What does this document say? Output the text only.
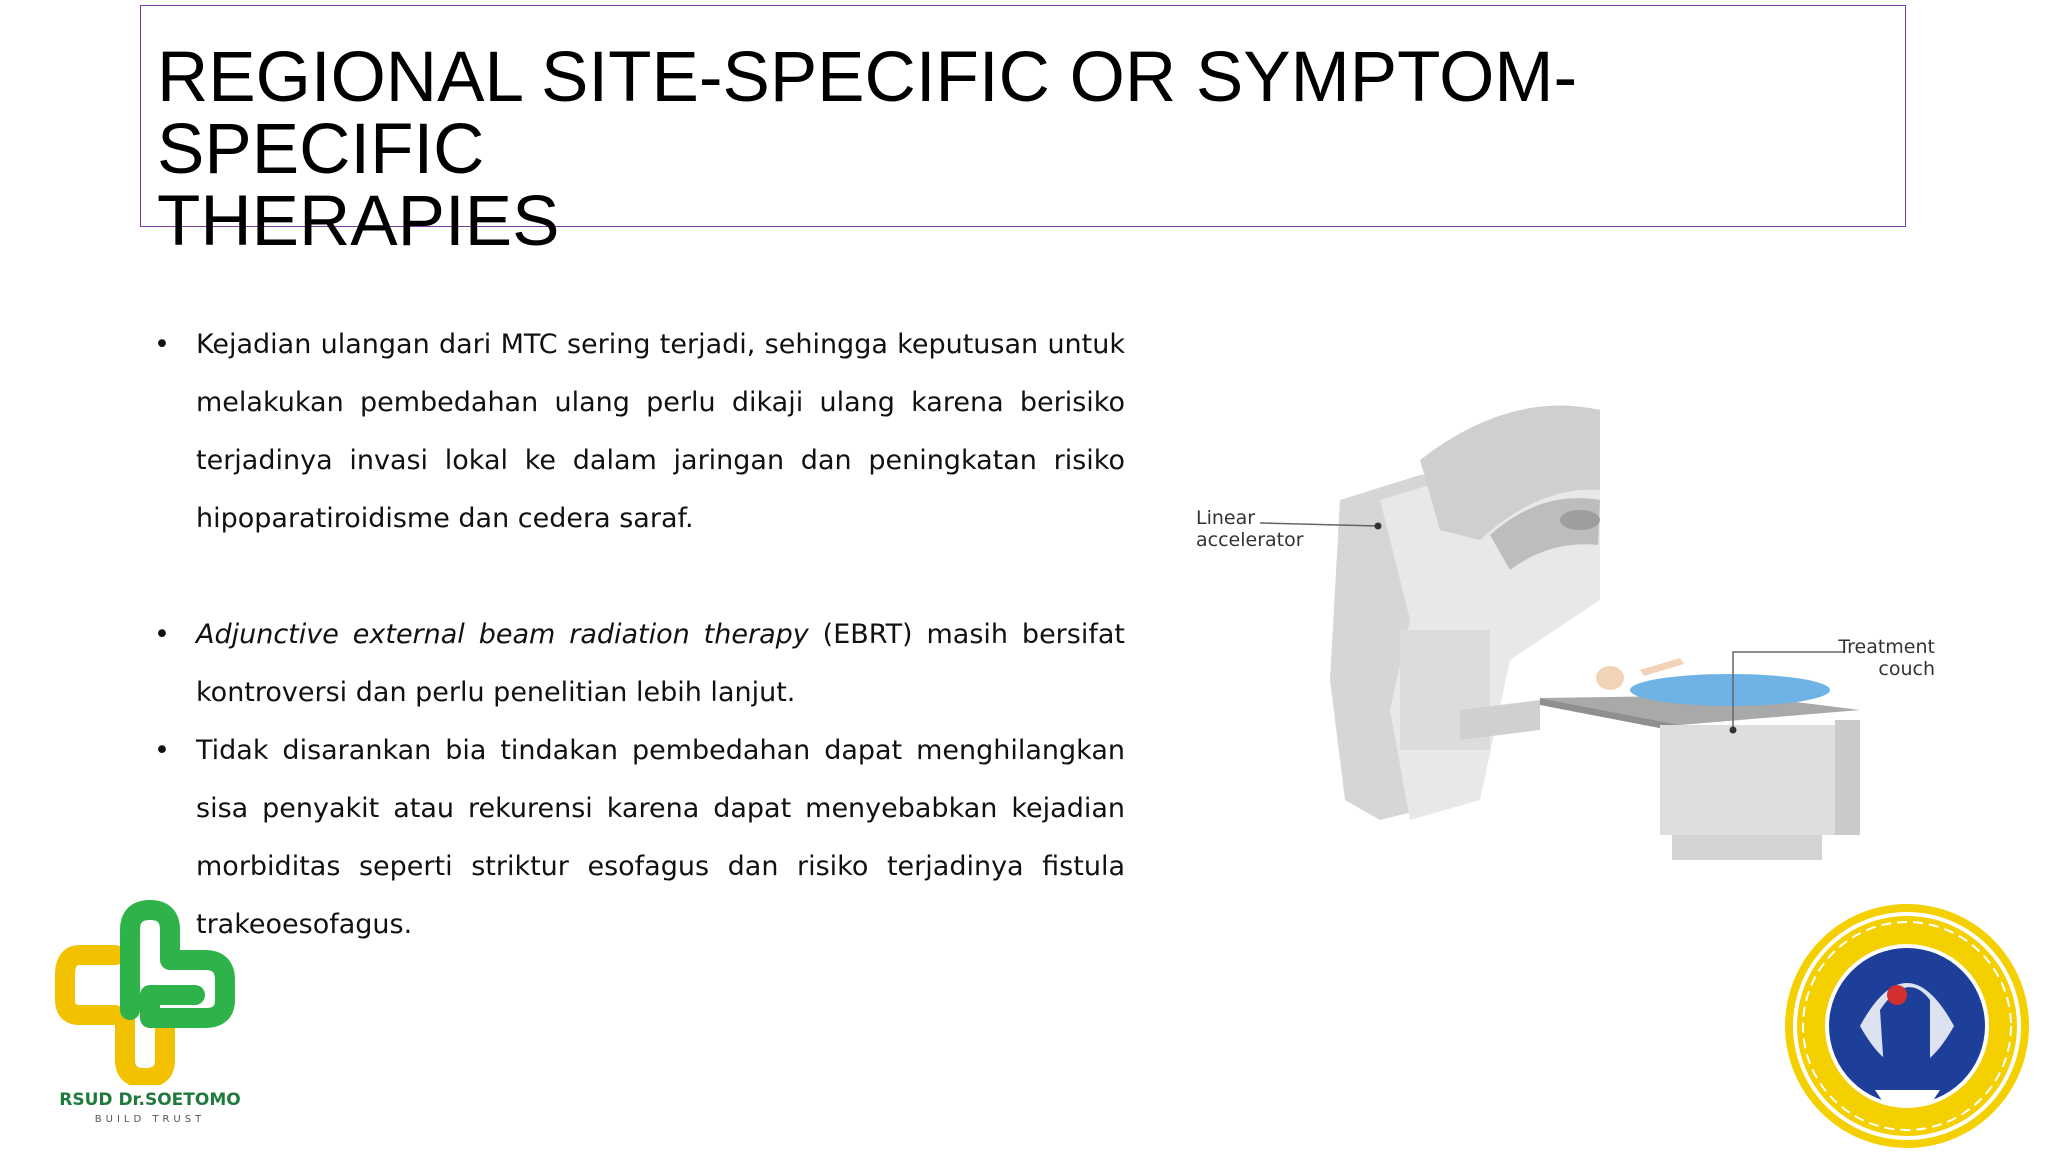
REGIONAL SITE-SPECIFIC OR SYMPTOM-SPECIFIC
THERAPIES
• Kejadian ulangan dari MTC sering terjadi, sehingga keputusan untuk melakukan pembedahan ulang perlu dikaji ulang karena berisiko terjadinya invasi lokal ke dalam jaringan dan peningkatan risiko hipoparatiroidisme dan cedera saraf.
• Adjunctive external beam radiation therapy (EBRT) masih bersifat kontroversi dan perlu penelitian lebih lanjut.
• Tidak disarankan bia tindakan pembedahan dapat menghilangkan sisa penyakit atau rekurensi karena dapat menyebabkan kejadian morbiditas seperti striktur esofagus dan risiko terjadinya fistula trakeoesofagus.
Linear
accelerator
Treatment
couch
RSUD Dr.SOETOMO
BUILD TRUST
